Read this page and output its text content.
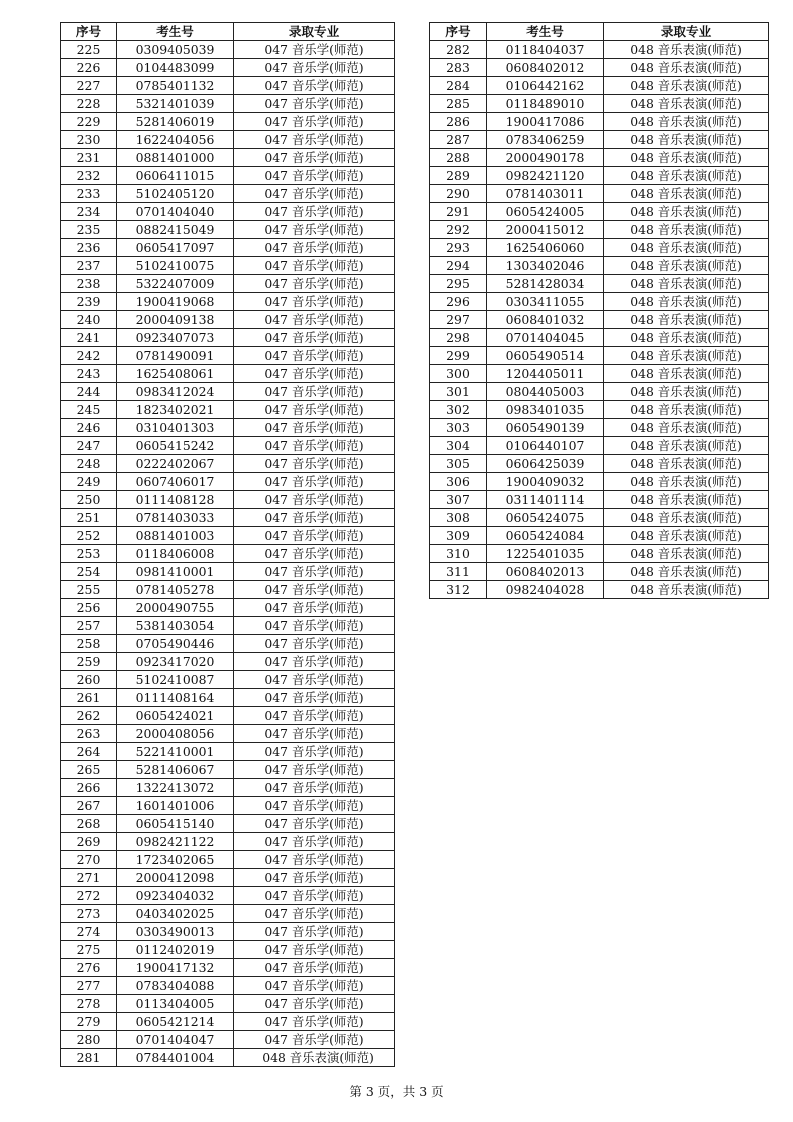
序号	考生号	录取专业
225	0309405039	047 音乐学(师范)
226	0104483099	047 音乐学(师范)
227	0785401132	047 音乐学(师范)
228	5321401039	047 音乐学(师范)
229	5281406019	047 音乐学(师范)
230	1622404056	047 音乐学(师范)
231	0881401000	047 音乐学(师范)
232	0606411015	047 音乐学(师范)
233	5102405120	047 音乐学(师范)
234	0701404040	047 音乐学(师范)
235	0882415049	047 音乐学(师范)
236	0605417097	047 音乐学(师范)
237	5102410075	047 音乐学(师范)
238	5322407009	047 音乐学(师范)
239	1900419068	047 音乐学(师范)
240	2000409138	047 音乐学(师范)
241	0923407073	047 音乐学(师范)
242	0781490091	047 音乐学(师范)
243	1625408061	047 音乐学(师范)
244	0983412024	047 音乐学(师范)
245	1823402021	047 音乐学(师范)
246	0310401303	047 音乐学(师范)
247	0605415242	047 音乐学(师范)
248	0222402067	047 音乐学(师范)
249	0607406017	047 音乐学(师范)
250	0111408128	047 音乐学(师范)
251	0781403033	047 音乐学(师范)
252	0881401003	047 音乐学(师范)
253	0118406008	047 音乐学(师范)
254	0981410001	047 音乐学(师范)
255	0781405278	047 音乐学(师范)
256	2000490755	047 音乐学(师范)
257	5381403054	047 音乐学(师范)
258	0705490446	047 音乐学(师范)
259	0923417020	047 音乐学(师范)
260	5102410087	047 音乐学(师范)
261	0111408164	047 音乐学(师范)
262	0605424021	047 音乐学(师范)
263	2000408056	047 音乐学(师范)
264	5221410001	047 音乐学(师范)
265	5281406067	047 音乐学(师范)
266	1322413072	047 音乐学(师范)
267	1601401006	047 音乐学(师范)
268	0605415140	047 音乐学(师范)
269	0982421122	047 音乐学(师范)
270	1723402065	047 音乐学(师范)
271	2000412098	047 音乐学(师范)
272	0923404032	047 音乐学(师范)
273	0403402025	047 音乐学(师范)
274	0303490013	047 音乐学(师范)
275	0112402019	047 音乐学(师范)
276	1900417132	047 音乐学(师范)
277	0783404088	047 音乐学(师范)
278	0113404005	047 音乐学(师范)
279	0605421214	047 音乐学(师范)
280	0701404047	047 音乐学(师范)
281	0784401004	048 音乐表演(师范)
序号	考生号	录取专业
282	0118404037	048 音乐表演(师范)
283	0608402012	048 音乐表演(师范)
284	0106442162	048 音乐表演(师范)
285	0118489010	048 音乐表演(师范)
286	1900417086	048 音乐表演(师范)
287	0783406259	048 音乐表演(师范)
288	2000490178	048 音乐表演(师范)
289	0982421120	048 音乐表演(师范)
290	0781403011	048 音乐表演(师范)
291	0605424005	048 音乐表演(师范)
292	2000415012	048 音乐表演(师范)
293	1625406060	048 音乐表演(师范)
294	1303402046	048 音乐表演(师范)
295	5281428034	048 音乐表演(师范)
296	0303411055	048 音乐表演(师范)
297	0608401032	048 音乐表演(师范)
298	0701404045	048 音乐表演(师范)
299	0605490514	048 音乐表演(师范)
300	1204405011	048 音乐表演(师范)
301	0804405003	048 音乐表演(师范)
302	0983401035	048 音乐表演(师范)
303	0605490139	048 音乐表演(师范)
304	0106440107	048 音乐表演(师范)
305	0606425039	048 音乐表演(师范)
306	1900409032	048 音乐表演(师范)
307	0311401114	048 音乐表演(师范)
308	0605424075	048 音乐表演(师范)
309	0605424084	048 音乐表演(师范)
310	1225401035	048 音乐表演(师范)
311	0608402013	048 音乐表演(师范)
312	0982404028	048 音乐表演(师范)
第 3 页，共 3 页
